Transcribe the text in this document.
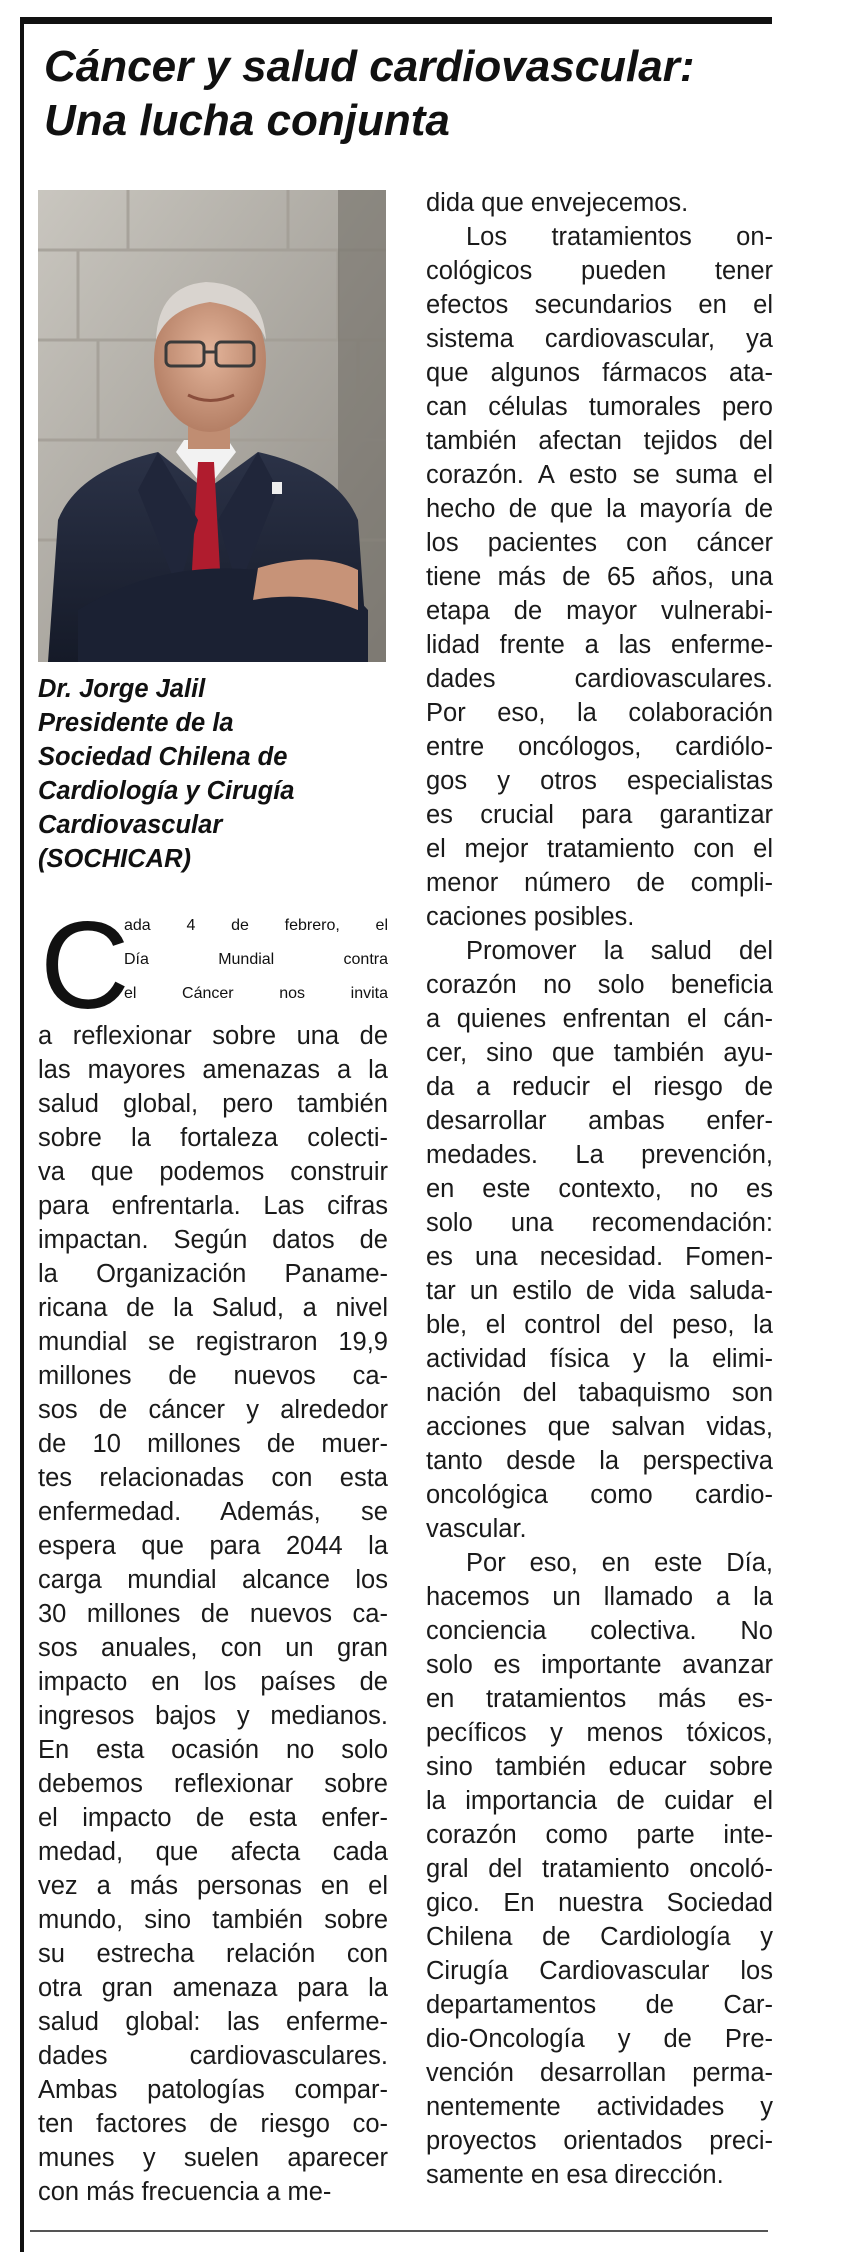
Cáncer y salud cardiovascular:
Una lucha conjunta
Dr. Jorge Jalil
Presidente de la
Sociedad Chilena de
Cardiología y Cirugía
Cardiovascular
(SOCHICAR)
C
ada 4 de febrero, el
Día Mundial contra
el Cáncer nos invita
a reflexionar sobre una de
las mayores amenazas a la
salud global, pero también
sobre la fortaleza colecti-
va que podemos construir
para enfrentarla. Las cifras
impactan. Según datos de
la Organización Paname-
ricana de la Salud, a nivel
mundial se registraron 19,9
millones de nuevos ca-
sos de cáncer y alrededor
de 10 millones de muer-
tes relacionadas con esta
enfermedad. Además, se
espera que para 2044 la
carga mundial alcance los
30 millones de nuevos ca-
sos anuales, con un gran
impacto en los países de
ingresos bajos y medianos.
En esta ocasión no solo
debemos reflexionar sobre
el impacto de esta enfer-
medad, que afecta cada
vez a más personas en el
mundo, sino también sobre
su estrecha relación con
otra gran amenaza para la
salud global: las enferme-
dades cardiovasculares.
Ambas patologías compar-
ten factores de riesgo co-
munes y suelen aparecer
con más frecuencia a me-
dida que envejecemos.
Los tratamientos on-
cológicos pueden tener
efectos secundarios en el
sistema cardiovascular, ya
que algunos fármacos ata-
can células tumorales pero
también afectan tejidos del
corazón. A esto se suma el
hecho de que la mayoría de
los pacientes con cáncer
tiene más de 65 años, una
etapa de mayor vulnerabi-
lidad frente a las enferme-
dades cardiovasculares.
Por eso, la colaboración
entre oncólogos, cardiólo-
gos y otros especialistas
es crucial para garantizar
el mejor tratamiento con el
menor número de compli-
caciones posibles.
Promover la salud del
corazón no solo beneficia
a quienes enfrentan el cán-
cer, sino que también ayu-
da a reducir el riesgo de
desarrollar ambas enfer-
medades. La prevención,
en este contexto, no es
solo una recomendación:
es una necesidad. Fomen-
tar un estilo de vida saluda-
ble, el control del peso, la
actividad física y la elimi-
nación del tabaquismo son
acciones que salvan vidas,
tanto desde la perspectiva
oncológica como cardio-
vascular.
Por eso, en este Día,
hacemos un llamado a la
conciencia colectiva. No
solo es importante avanzar
en tratamientos más es-
pecíficos y menos tóxicos,
sino también educar sobre
la importancia de cuidar el
corazón como parte inte-
gral del tratamiento oncoló-
gico. En nuestra Sociedad
Chilena de Cardiología y
Cirugía Cardiovascular los
departamentos de Car-
dio-Oncología y de Pre-
vención desarrollan perma-
nentemente actividades y
proyectos orientados preci-
samente en esa dirección.
